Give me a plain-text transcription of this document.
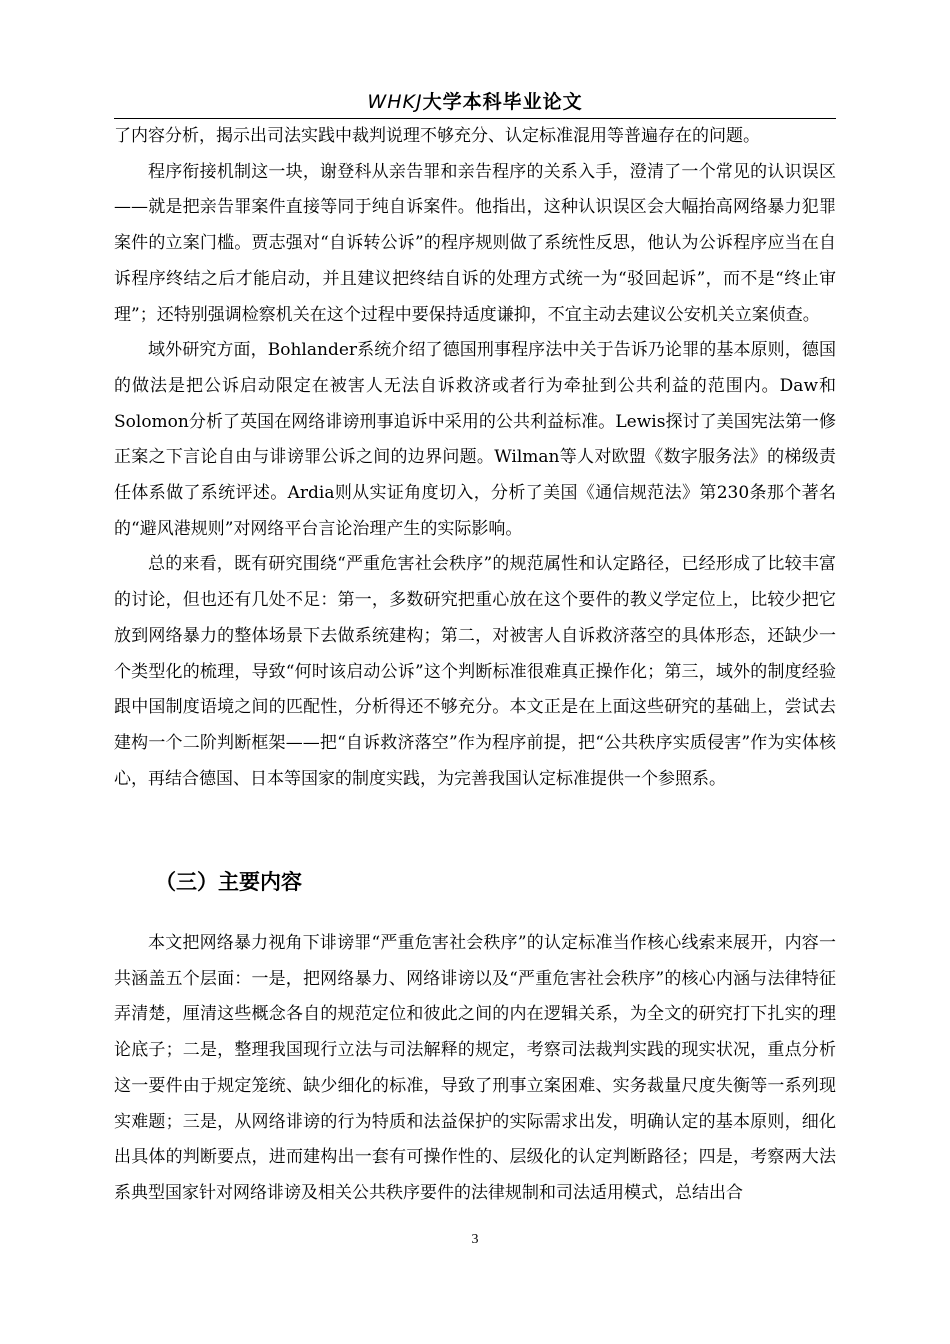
WHKJ大学本科毕业论文

了内容分析，揭示出司法实践中裁判说理不够充分、认定标准混用等普遍存在的问题。

程序衔接机制这一块，谢登科从亲告罪和亲告程序的关系入手，澄清了一个常见的认识误区——就是把亲告罪案件直接等同于纯自诉案件。他指出，这种认识误区会大幅抬高网络暴力犯罪案件的立案门槛。贾志强对“自诉转公诉”的程序规则做了系统性反思，他认为公诉程序应当在自诉程序终结之后才能启动，并且建议把终结自诉的处理方式统一为“驳回起诉”，而不是“终止审理”；还特别强调检察机关在这个过程中要保持适度谦抑，不宜主动去建议公安机关立案侦查。

域外研究方面，Bohlander系统介绍了德国刑事程序法中关于告诉乃论罪的基本原则，德国的做法是把公诉启动限定在被害人无法自诉救济或者行为牵扯到公共利益的范围内。Daw和Solomon分析了英国在网络诽谤刑事追诉中采用的公共利益标准。Lewis探讨了美国宪法第一修正案之下言论自由与诽谤罪公诉之间的边界问题。Wilman等人对欧盟《数字服务法》的梯级责任体系做了系统评述。Ardia则从实证角度切入，分析了美国《通信规范法》第230条那个著名的“避风港规则”对网络平台言论治理产生的实际影响。

总的来看，既有研究围绕“严重危害社会秩序”的规范属性和认定路径，已经形成了比较丰富的讨论，但也还有几处不足：第一，多数研究把重心放在这个要件的教义学定位上，比较少把它放到网络暴力的整体场景下去做系统建构；第二，对被害人自诉救济落空的具体形态，还缺少一个类型化的梳理，导致“何时该启动公诉”这个判断标准很难真正操作化；第三，域外的制度经验跟中国制度语境之间的匹配性，分析得还不够充分。本文正是在上面这些研究的基础上，尝试去建构一个二阶判断框架——把“自诉救济落空”作为程序前提，把“公共秩序实质侵害”作为实体核心，再结合德国、日本等国家的制度实践，为完善我国认定标准提供一个参照系。

（三）主要内容

本文把网络暴力视角下诽谤罪“严重危害社会秩序”的认定标准当作核心线索来展开，内容一共涵盖五个层面：一是，把网络暴力、网络诽谤以及“严重危害社会秩序”的核心内涵与法律特征弄清楚，厘清这些概念各自的规范定位和彼此之间的内在逻辑关系，为全文的研究打下扎实的理论底子；二是，整理我国现行立法与司法解释的规定，考察司法裁判实践的现实状况，重点分析这一要件由于规定笼统、缺少细化的标准，导致了刑事立案困难、实务裁量尺度失衡等一系列现实难题；三是，从网络诽谤的行为特质和法益保护的实际需求出发，明确认定的基本原则，细化出具体的判断要点，进而建构出一套有可操作性的、层级化的认定判断路径；四是，考察两大法系典型国家针对网络诽谤及相关公共秩序要件的法律规制和司法适用模式，总结出合

3
